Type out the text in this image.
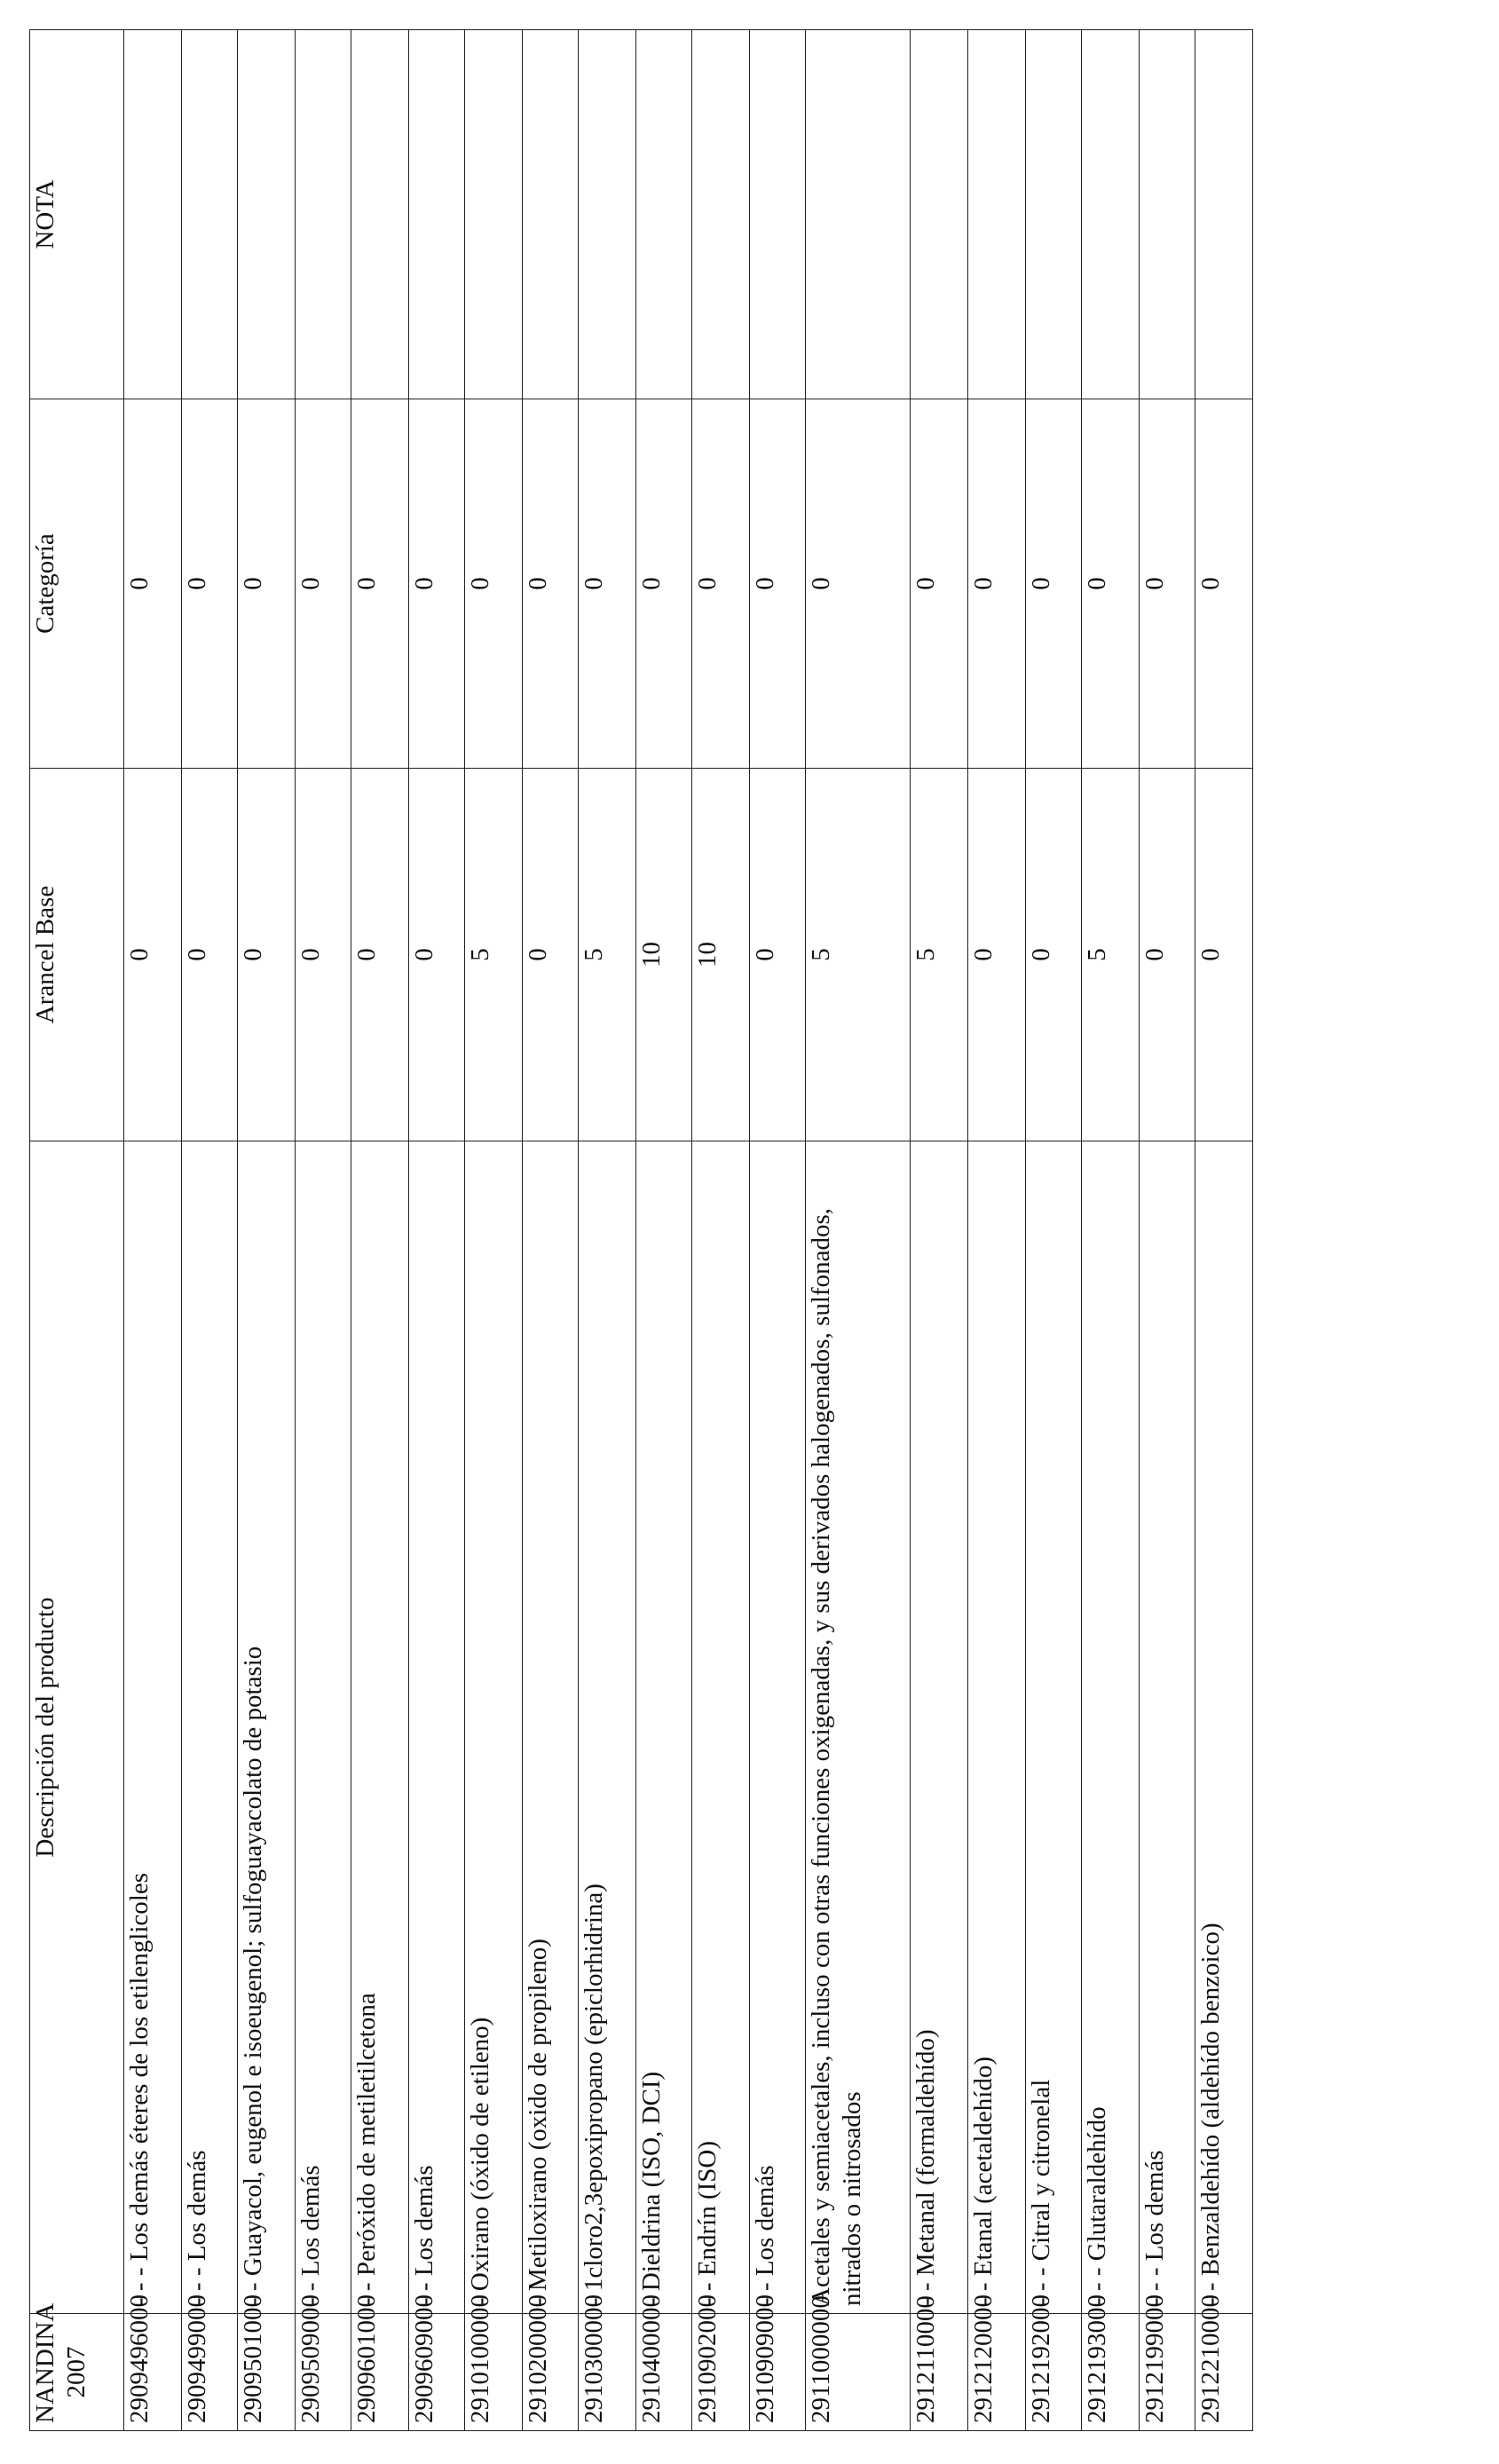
NANDINA 2007	Descripción del producto	Arancel Base	Categoría	NOTA
2909496000	- - - Los demás éteres de los etilenglicoles	0	0	
2909499000	- - - Los demás	0	0	
2909501000	- - Guayacol, eugenol e isoeugenol; sulfoguayacolato de potasio	0	0	
2909509000	- - Los demás	0	0	
2909601000	- - Peróxido de metiletilcetona	0	0	
2909609000	- - Los demás	0	0	
2910100000	- Oxirano (óxido de etileno)	5	0	
2910200000	- Metiloxirano (oxido de propileno)	0	0	
2910300000	- 1cloro2,3epoxipropano (epiclorhidrina)	5	0	
2910400000	- Dieldrina (ISO, DCI)	10	0	
2910902000	- - Endrín (ISO)	10	0	
2910909000	- - Los demás	0	0	
2911000000	Acetales y semiacetales, incluso con otras funciones oxigenadas, y sus derivados halogenados, sulfonados, nitrados o nitrosados	5	0	
2912110000	- - Metanal (formaldehído)	5	0	
2912120000	- - Etanal (acetaldehído)	0	0	
2912192000	- - - Citral y citronelal	0	0	
2912193000	- - - Glutaraldehído	5	0	
2912199000	- - - Los demás	0	0	
2912210000	- - Benzaldehído (aldehído benzoico)	0	0	
